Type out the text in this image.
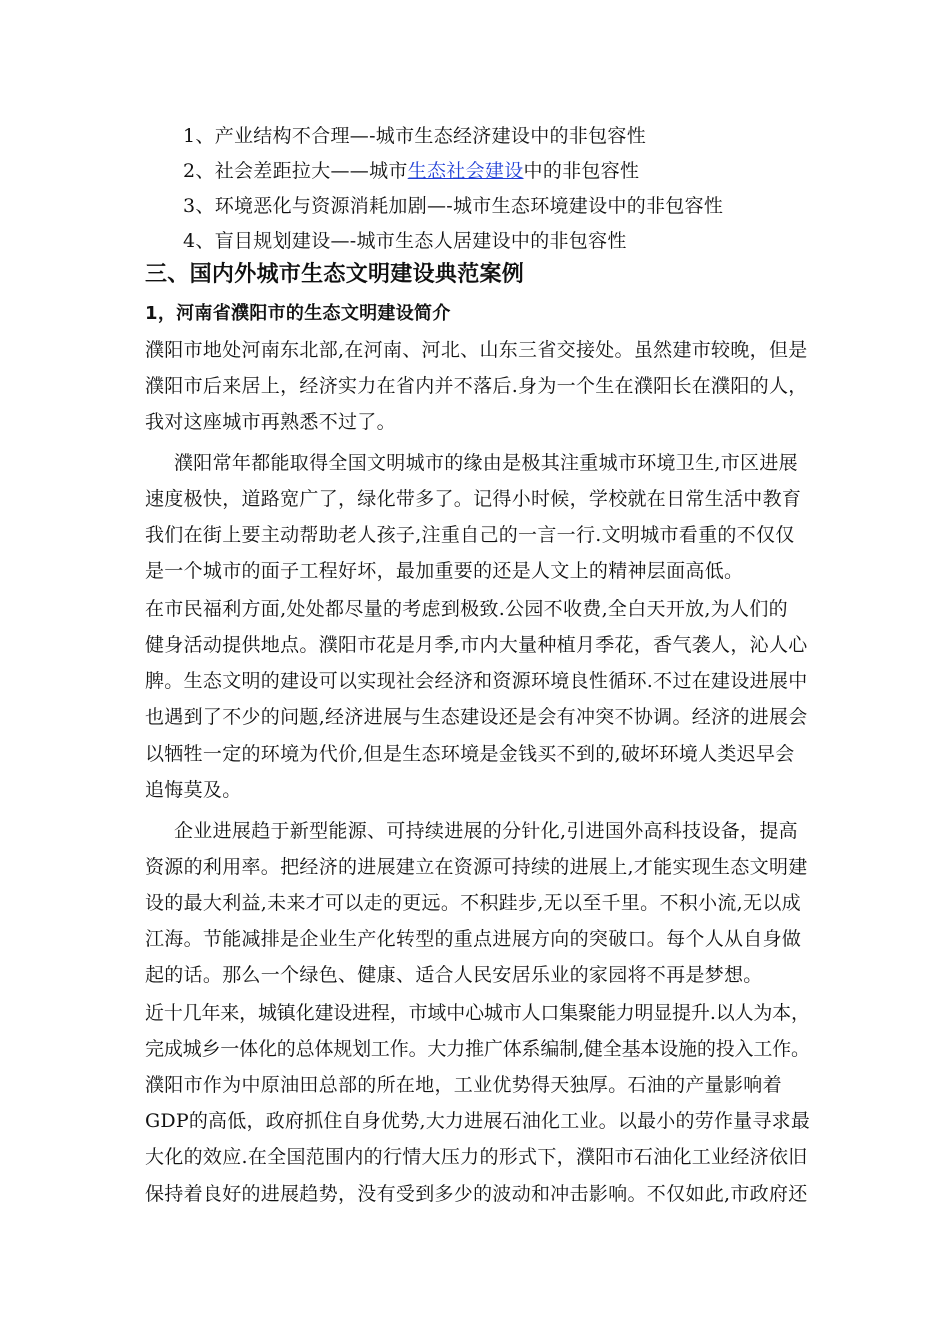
1、产业结构不合理—-城市生态经济建设中的非包容性
2、社会差距拉大——城市生态社会建设中的非包容性
3、环境恶化与资源消耗加剧—-城市生态环境建设中的非包容性
4、盲目规划建设—-城市生态人居建设中的非包容性
三、国内外城市生态文明建设典范案例
1，河南省濮阳市的生态文明建设简介
濮阳市地处河南东北部,在河南、河北、山东三省交接处。虽然建市较晚，但是
濮阳市后来居上，经济实力在省内并不落后.身为一个生在濮阳长在濮阳的人，
我对这座城市再熟悉不过了。
濮阳常年都能取得全国文明城市的缘由是极其注重城市环境卫生,市区进展
速度极快，道路宽广了，绿化带多了。记得小时候，学校就在日常生活中教育
我们在街上要主动帮助老人孩子,注重自己的一言一行.文明城市看重的不仅仅
是一个城市的面子工程好坏，最加重要的还是人文上的精神层面高低。
在市民福利方面,处处都尽量的考虑到极致.公园不收费,全白天开放,为人们的
健身活动提供地点。濮阳市花是月季,市内大量种植月季花，香气袭人，沁人心
脾。生态文明的建设可以实现社会经济和资源环境良性循环.不过在建设进展中
也遇到了不少的问题,经济进展与生态建设还是会有冲突不协调。经济的进展会
以牺牲一定的环境为代价,但是生态环境是金钱买不到的,破坏环境人类迟早会
追悔莫及。
企业进展趋于新型能源、可持续进展的分针化,引进国外高科技设备，提高
资源的利用率。把经济的进展建立在资源可持续的进展上,才能实现生态文明建
设的最大利益,未来才可以走的更远。不积跬步,无以至千里。不积小流,无以成
江海。节能减排是企业生产化转型的重点进展方向的突破口。每个人从自身做
起的话。那么一个绿色、健康、适合人民安居乐业的家园将不再是梦想。
近十几年来，城镇化建设进程，市域中心城市人口集聚能力明显提升.以人为本，
完成城乡一体化的总体规划工作。大力推广体系编制,健全基本设施的投入工作。
濮阳市作为中原油田总部的所在地，工业优势得天独厚。石油的产量影响着
GDP的高低，政府抓住自身优势,大力进展石油化工业。以最小的劳作量寻求最
大化的效应.在全国范围内的行情大压力的形式下，濮阳市石油化工业经济依旧
保持着良好的进展趋势，没有受到多少的波动和冲击影响。不仅如此,市政府还
